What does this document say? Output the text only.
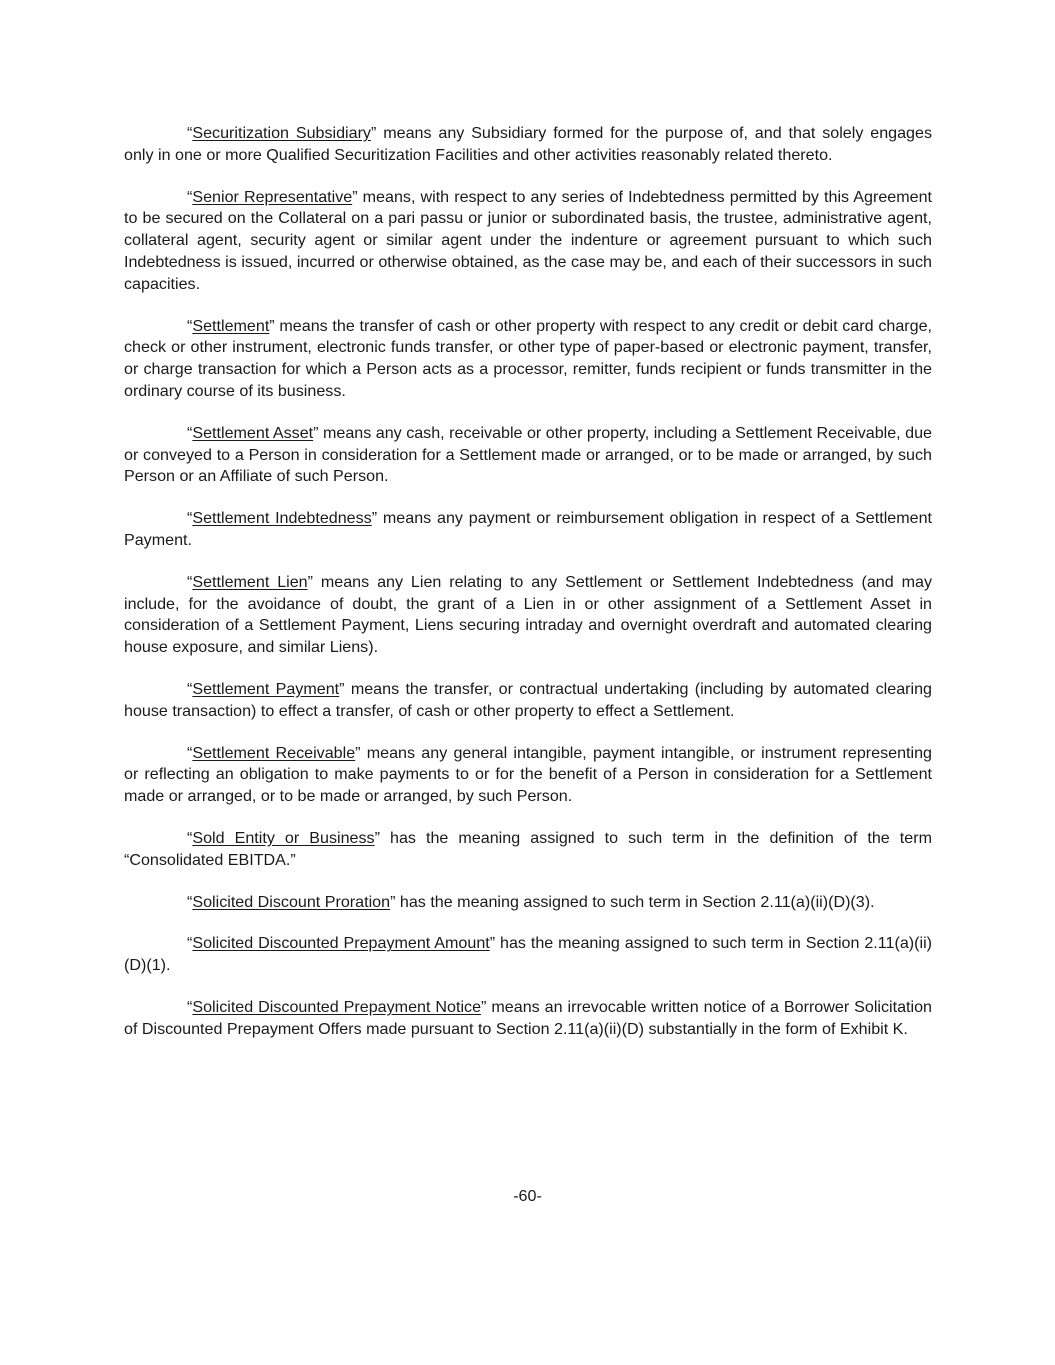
“Securitization Subsidiary” means any Subsidiary formed for the purpose of, and that solely engages only in one or more Qualified Securitization Facilities and other activities reasonably related thereto.

“Senior Representative” means, with respect to any series of Indebtedness permitted by this Agreement to be secured on the Collateral on a pari passu or junior or subordinated basis, the trustee, administrative agent, collateral agent, security agent or similar agent under the indenture or agreement pursuant to which such Indebtedness is issued, incurred or otherwise obtained, as the case may be, and each of their successors in such capacities.

“Settlement” means the transfer of cash or other property with respect to any credit or debit card charge, check or other instrument, electronic funds transfer, or other type of paper-based or electronic payment, transfer, or charge transaction for which a Person acts as a processor, remitter, funds recipient or funds transmitter in the ordinary course of its business.

“Settlement Asset” means any cash, receivable or other property, including a Settlement Receivable, due or conveyed to a Person in consideration for a Settlement made or arranged, or to be made or arranged, by such Person or an Affiliate of such Person.

“Settlement Indebtedness” means any payment or reimbursement obligation in respect of a Settlement Payment.

“Settlement Lien” means any Lien relating to any Settlement or Settlement Indebtedness (and may include, for the avoidance of doubt, the grant of a Lien in or other assignment of a Settlement Asset in consideration of a Settlement Payment, Liens securing intraday and overnight overdraft and automated clearing house exposure, and similar Liens).

“Settlement Payment” means the transfer, or contractual undertaking (including by automated clearing house transaction) to effect a transfer, of cash or other property to effect a Settlement.

“Settlement Receivable” means any general intangible, payment intangible, or instrument representing or reflecting an obligation to make payments to or for the benefit of a Person in consideration for a Settlement made or arranged, or to be made or arranged, by such Person.

“Sold Entity or Business” has the meaning assigned to such term in the definition of the term “Consolidated EBITDA.”

“Solicited Discount Proration” has the meaning assigned to such term in Section 2.11(a)(ii)(D)(3).

“Solicited Discounted Prepayment Amount” has the meaning assigned to such term in Section 2.11(a)(ii)(D)(1).

“Solicited Discounted Prepayment Notice” means an irrevocable written notice of a Borrower Solicitation of Discounted Prepayment Offers made pursuant to Section 2.11(a)(ii)(D) substantially in the form of Exhibit K.

-60-
